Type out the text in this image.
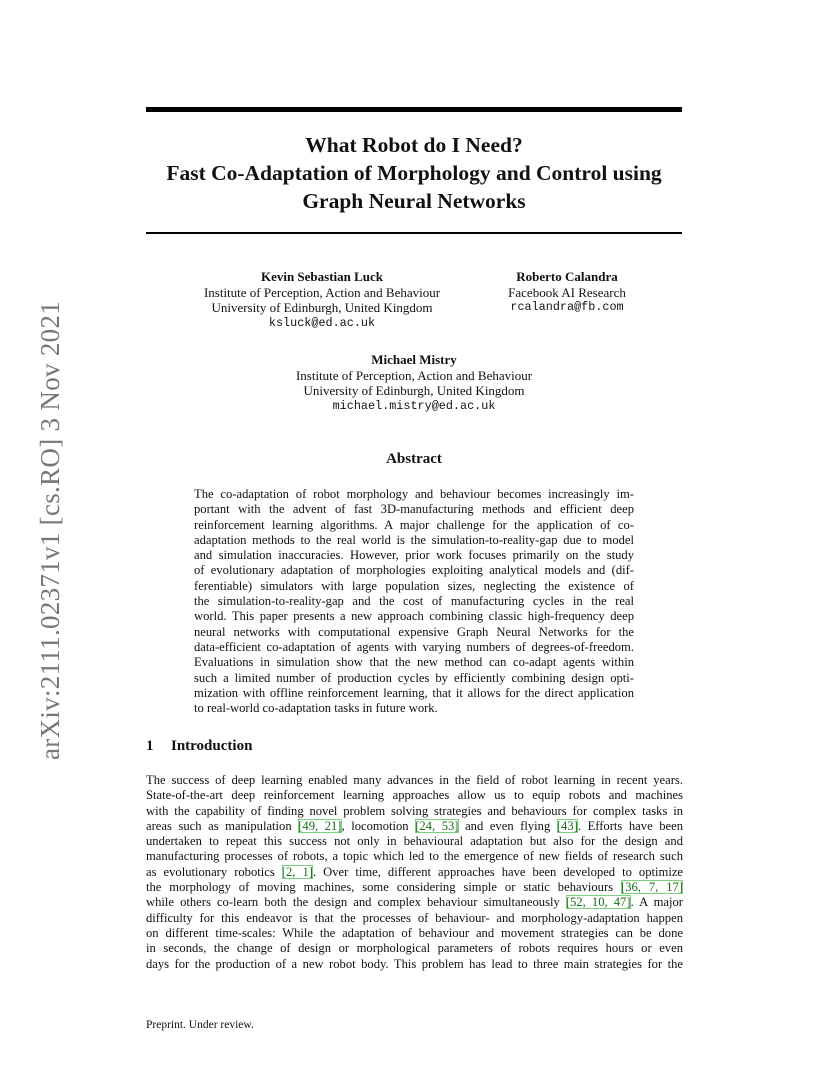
arXiv:2111.02371v1 [cs.RO] 3 Nov 2021
What Robot do I Need?
Fast Co-Adaptation of Morphology and Control using
Graph Neural Networks
Kevin Sebastian Luck
Institute of Perception, Action and Behaviour
University of Edinburgh, United Kingdom
ksluck@ed.ac.uk
Roberto Calandra
Facebook AI Research
rcalandra@fb.com
Michael Mistry
Institute of Perception, Action and Behaviour
University of Edinburgh, United Kingdom
michael.mistry@ed.ac.uk
Abstract
The co-adaptation of robot morphology and behaviour becomes increasingly im-
portant with the advent of fast 3D-manufacturing methods and efficient deep
reinforcement learning algorithms. A major challenge for the application of co-
adaptation methods to the real world is the simulation-to-reality-gap due to model
and simulation inaccuracies. However, prior work focuses primarily on the study
of evolutionary adaptation of morphologies exploiting analytical models and (dif-
ferentiable) simulators with large population sizes, neglecting the existence of
the simulation-to-reality-gap and the cost of manufacturing cycles in the real
world. This paper presents a new approach combining classic high-frequency deep
neural networks with computational expensive Graph Neural Networks for the
data-efficient co-adaptation of agents with varying numbers of degrees-of-freedom.
Evaluations in simulation show that the new method can co-adapt agents within
such a limited number of production cycles by efficiently combining design opti-
mization with offline reinforcement learning, that it allows for the direct application
to real-world co-adaptation tasks in future work.
1 Introduction
The success of deep learning enabled many advances in the field of robot learning in recent years.
State-of-the-art deep reinforcement learning approaches allow us to equip robots and machines
with the capability of finding novel problem solving strategies and behaviours for complex tasks in
areas such as manipulation [49, 21], locomotion [24, 53] and even flying [43]. Efforts have been
undertaken to repeat this success not only in behavioural adaptation but also for the design and
manufacturing processes of robots, a topic which led to the emergence of new fields of research such
as evolutionary robotics [2, 1]. Over time, different approaches have been developed to optimize
the morphology of moving machines, some considering simple or static behaviours [36, 7, 17]
while others co-learn both the design and complex behaviour simultaneously [52, 10, 47]. A major
difficulty for this endeavor is that the processes of behaviour- and morphology-adaptation happen
on different time-scales: While the adaptation of behaviour and movement strategies can be done
in seconds, the change of design or morphological parameters of robots requires hours or even
days for the production of a new robot body. This problem has lead to three main strategies for the
Preprint. Under review.
